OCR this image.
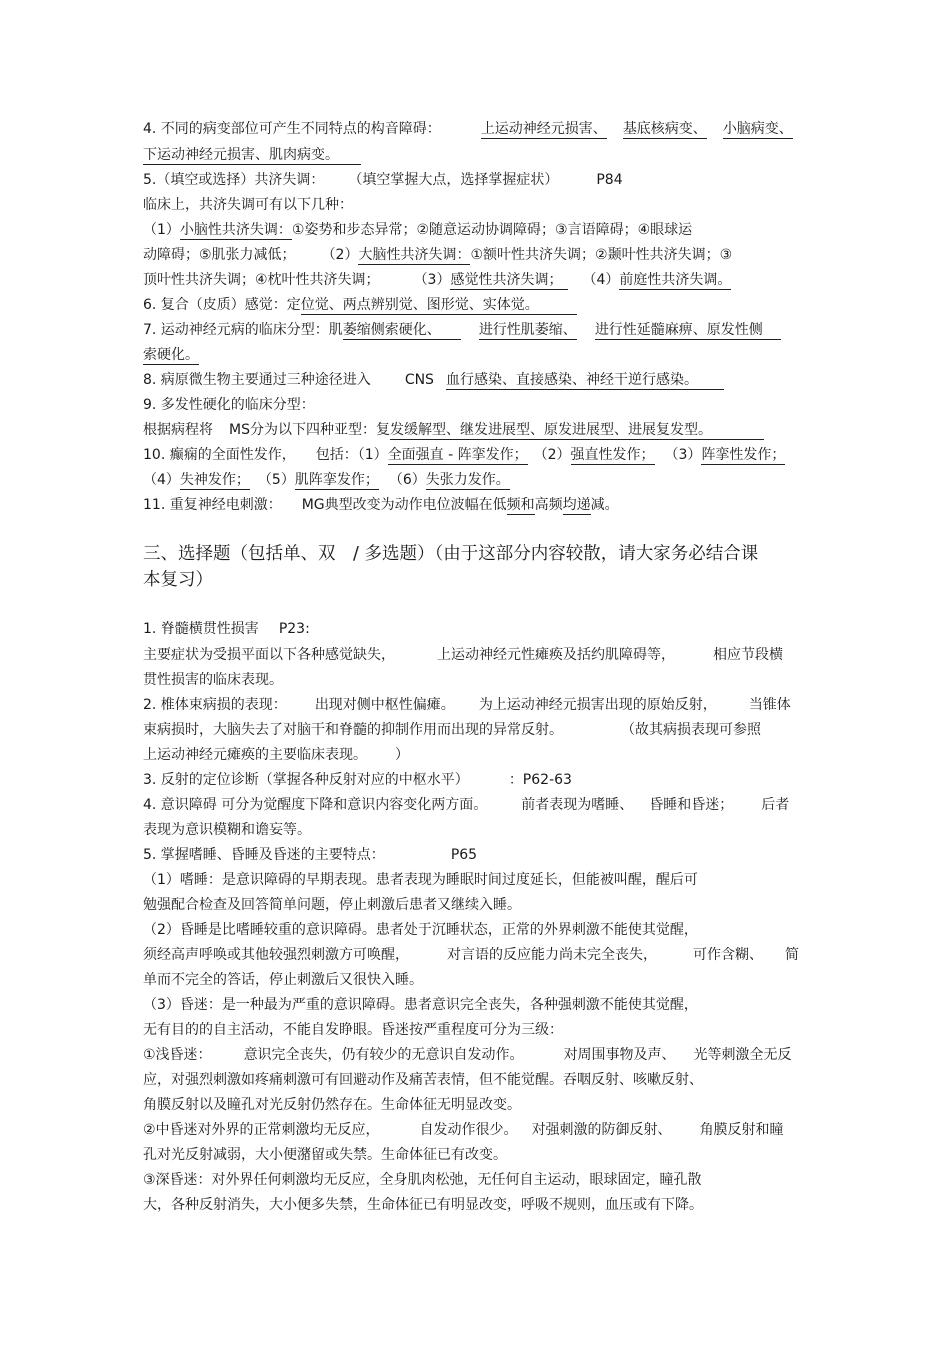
4. 不同的病变部位可产生不同特点的构音障碍：	上运动神经元损害、 基底核病变、 小脑病变、
下运动神经元损害、肌肉病变。
5.（填空或选择）共济失调： （填空掌握大点，选择掌握症状）	P84
临床上，共济失调可有以下几种：
（1）小脑性共济失调：①姿势和步态异常；②随意运动协调障碍；③言语障碍；④眼球运
动障碍；⑤肌张力减低； （2）大脑性共济失调：①额叶性共济失调；②颞叶性共济失调；③
顶叶性共济失调；④枕叶性共济失调； （3）感觉性共济失调； （4）前庭性共济失调。
6. 复合（皮质）感觉：定位觉、两点辨别觉、图形觉、实体觉。
7. 运动神经元病的临床分型：肌萎缩侧索硬化、	进行性肌萎缩、 进行性延髓麻痹、原发性侧
索硬化。
8. 病原微生物主要通过三种途径进入 CNS 血行感染、直接感染、神经干逆行感染。
9. 多发性硬化的临床分型：
根据病程将 MS分为以下四种亚型：复发缓解型、继发进展型、原发进展型、进展复发型。
10. 癫痫的全面性发作， 包括：（1）全面强直 - 阵挛发作； （2）强直性发作； （3）阵挛性发作；
（4）失神发作； （5）肌阵挛发作； （6）失张力发作。
11. 重复神经电刺激： MG典型改变为动作电位波幅在低频和高频均递减。
三、选择题（包括单、双　/ 多选题）（由于这部分内容较散，请大家务必结合课
本复习）
1. 脊髓横贯性损害 P23:
主要症状为受损平面以下各种感觉缺失，	上运动神经元性瘫痪及括约肌障碍等，	相应节段横
贯性损害的临床表现。
2. 椎体束病损的表现： 出现对侧中枢性偏瘫。 为上运动神经元损害出现的原始反射， 当锥体
束病损时，大脑失去了对脑干和脊髓的抑制作用而出现的异常反射。	（故其病损表现可参照
上运动神经元瘫痪的主要临床表现。 ）
3. 反射的定位诊断（掌握各种反射对应的中枢水平）	：P62-63
4. 意识障碍 可分为觉醒度下降和意识内容变化两方面。 前者表现为嗜睡、 昏睡和昏迷； 后者
表现为意识模糊和谵妄等。
5. 掌握嗜睡、昏睡及昏迷的主要特点：	P65
（1）嗜睡：是意识障碍的早期表现。患者表现为睡眠时间过度延长，但能被叫醒，醒后可
勉强配合检查及回答简单问题，停止刺激后患者又继续入睡。
（2）昏睡是比嗜睡较重的意识障碍。患者处于沉睡状态，正常的外界刺激不能使其觉醒，
须经高声呼唤或其他较强烈刺激方可唤醒，	对言语的反应能力尚未完全丧失，	可作含糊、 简
单而不完全的答话，停止刺激后又很快入睡。
（3）昏迷：是一种最为严重的意识障碍。患者意识完全丧失，各种强刺激不能使其觉醒，
无有目的的自主活动，不能自发睁眼。昏迷按严重程度可分为三级：
①浅昏迷： 意识完全丧失，仍有较少的无意识自发动作。	对周围事物及声、 光等刺激全无反
应，对强烈刺激如疼痛刺激可有回避动作及痛苦表情，但不能觉醒。吞咽反射、咳嗽反射、
角膜反射以及瞳孔对光反射仍然存在。生命体征无明显改变。
②中昏迷对外界的正常刺激均无反应，	自发动作很少。 对强刺激的防御反射、 角膜反射和瞳
孔对光反射减弱，大小便潴留或失禁。生命体征已有改变。
③深昏迷：对外界任何刺激均无反应，全身肌肉松弛，无任何自主运动，眼球固定，瞳孔散
大，各种反射消失，大小便多失禁，生命体征已有明显改变，呼吸不规则，血压或有下降。
